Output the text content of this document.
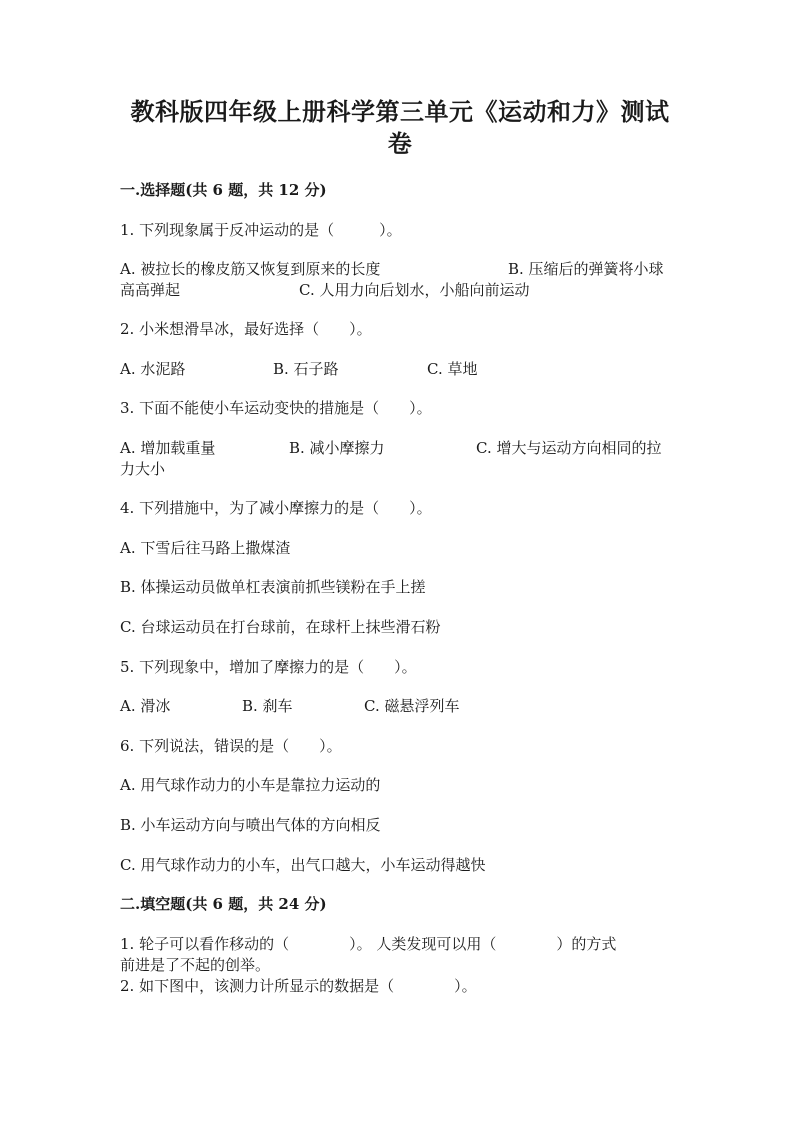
教科版四年级上册科学第三单元《运动和力》测试
卷
一.选择题(共 6 题，共 12 分)
1. 下列现象属于反冲运动的是（　　　）。
A. 被拉长的橡皮筋又恢复到原来的长度	B. 压缩后的弹簧将小球
高高弹起	C. 人用力向后划水，小船向前运动
2. 小米想滑旱冰，最好选择（　　）。
A. 水泥路	B. 石子路	C. 草地
3. 下面不能使小车运动变快的措施是（　　）。
A. 增加载重量	B. 减小摩擦力	C. 增大与运动方向相同的拉
力大小
4. 下列措施中，为了减小摩擦力的是（　　）。
A. 下雪后往马路上撒煤渣
B. 体操运动员做单杠表演前抓些镁粉在手上搓
C. 台球运动员在打台球前，在球杆上抹些滑石粉
5. 下列现象中，增加了摩擦力的是（　　）。
A. 滑冰	B. 刹车	C. 磁悬浮列车
6. 下列说法，错误的是（　　）。
A. 用气球作动力的小车是靠拉力运动的
B. 小车运动方向与喷出气体的方向相反
C. 用气球作动力的小车，出气口越大，小车运动得越快
二.填空题(共 6 题，共 24 分)
1. 轮子可以看作移动的（　　　　）。 人类发现可以用（　　　　）的方式
前进是了不起的创举。
2. 如下图中，该测力计所显示的数据是（　　　　）。
